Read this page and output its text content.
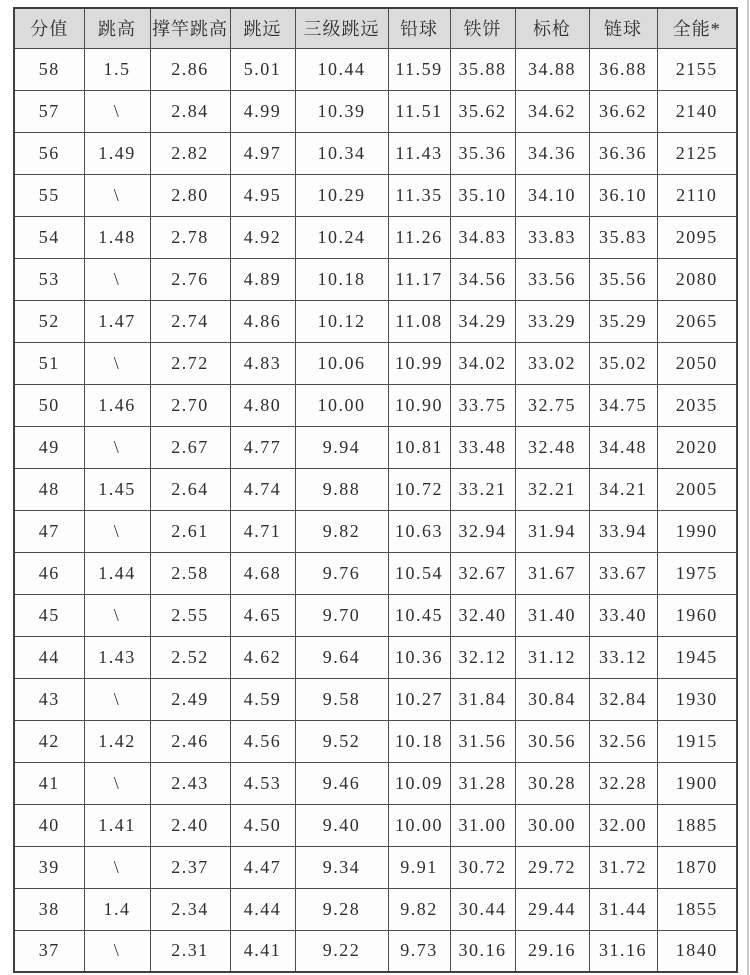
分值	跳高	撑竿跳高	跳远	三级跳远	铅球	铁饼	标枪	链球	全能*
58	1.5	2.86	5.01	10.44	11.59	35.88	34.88	36.88	2155
57	\	2.84	4.99	10.39	11.51	35.62	34.62	36.62	2140
56	1.49	2.82	4.97	10.34	11.43	35.36	34.36	36.36	2125
55	\	2.80	4.95	10.29	11.35	35.10	34.10	36.10	2110
54	1.48	2.78	4.92	10.24	11.26	34.83	33.83	35.83	2095
53	\	2.76	4.89	10.18	11.17	34.56	33.56	35.56	2080
52	1.47	2.74	4.86	10.12	11.08	34.29	33.29	35.29	2065
51	\	2.72	4.83	10.06	10.99	34.02	33.02	35.02	2050
50	1.46	2.70	4.80	10.00	10.90	33.75	32.75	34.75	2035
49	\	2.67	4.77	9.94	10.81	33.48	32.48	34.48	2020
48	1.45	2.64	4.74	9.88	10.72	33.21	32.21	34.21	2005
47	\	2.61	4.71	9.82	10.63	32.94	31.94	33.94	1990
46	1.44	2.58	4.68	9.76	10.54	32.67	31.67	33.67	1975
45	\	2.55	4.65	9.70	10.45	32.40	31.40	33.40	1960
44	1.43	2.52	4.62	9.64	10.36	32.12	31.12	33.12	1945
43	\	2.49	4.59	9.58	10.27	31.84	30.84	32.84	1930
42	1.42	2.46	4.56	9.52	10.18	31.56	30.56	32.56	1915
41	\	2.43	4.53	9.46	10.09	31.28	30.28	32.28	1900
40	1.41	2.40	4.50	9.40	10.00	31.00	30.00	32.00	1885
39	\	2.37	4.47	9.34	9.91	30.72	29.72	31.72	1870
38	1.4	2.34	4.44	9.28	9.82	30.44	29.44	31.44	1855
37	\	2.31	4.41	9.22	9.73	30.16	29.16	31.16	1840
